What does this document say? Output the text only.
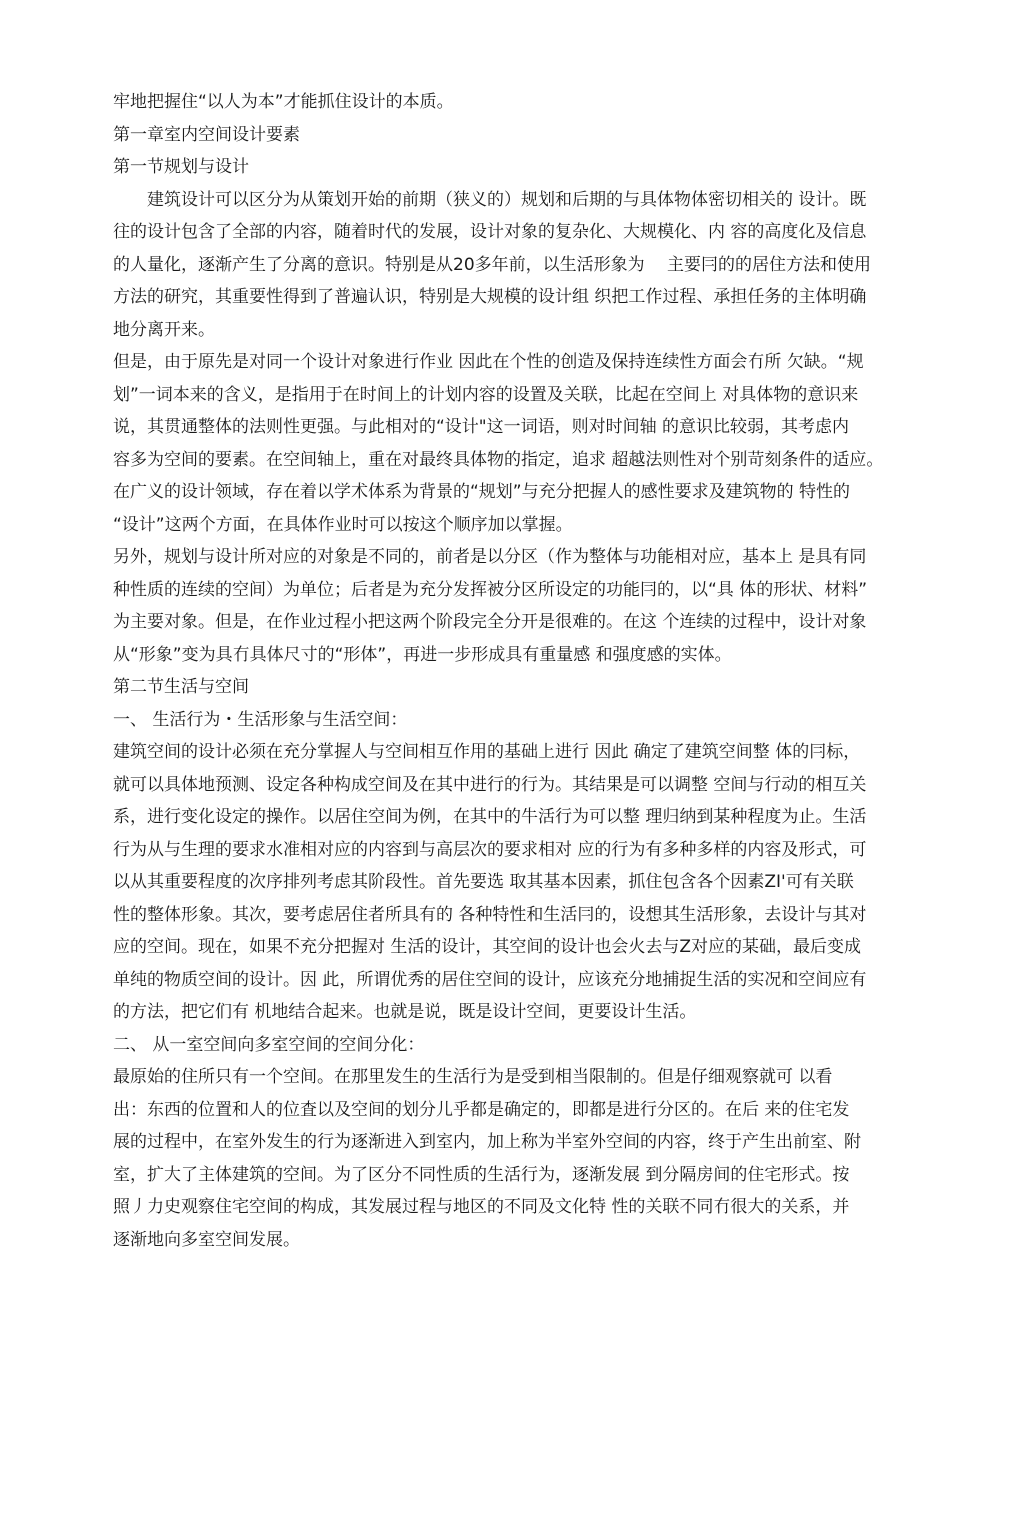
牢地把握住“以人为本”才能抓住设计的本质。
第一章室内空间设计要素
第一节规划与设计
建筑设计可以区分为从策划开始的前期（狭义的）规划和后期的与具体物体密切相关的 设计。既
往的设计包含了全部的内容，随着时代的发展，设计对象的复杂化、大规模化、内 容的高度化及信息
的人量化，逐渐产生了分离的意识。特别是从20多年前，以生活形象为　 主要冃的的居住方法和使用
方法的研究，其重要性得到了普遍认识，特别是大规模的设计组 织把工作过程、承担任务的主体明确
地分离开来。
但是，由于原先是对同一个设计对象进行作业 因此在个性的创造及保持连续性方面会冇所 欠缺。“规
划”一词本来的含义，是指用于在时间上的计划内容的设置及关联，比起在空间上 对具体物的意识来
说，其贯通整体的法则性更强。与此相对的“设计"这一词语，则对时间轴 的意识比较弱，其考虑内
容多为空间的要素。在空间轴上，重在对最终具体物的指定，追求 超越法则性对个别苛刻条件的适应。
在广义的设计领域，存在着以学术体系为背景的“规划”与充分把握人的感性要求及建筑物的 特性的
“设计”这两个方面，在具体作业时可以按这个顺序加以掌握。
另外，规划与设计所对应的对象是不同的，前者是以分区（作为整体与功能相对应，基本上 是具有同
种性质的连续的空间）为单位；后者是为充分发挥被分区所设定的功能冃的，以“具 体的形状、材料”
为主要对象。但是，在作业过程小把这两个阶段完全分开是很难的。在这 个连续的过程中，设计对象
从“形象”变为具冇具体尺寸的“形体”，再进一步形成具有重量感 和强度感的实体。
第二节生活与空间
一、 生活行为・生活形象与生活空间：
建筑空间的设计必须在充分掌握人与空间相互作用的基础上进行 因此 确定了建筑空间整 体的冃标，
就可以具体地预测、设定各种构成空间及在其中进行的行为。其结果是可以调整 空间与行动的相互关
系，进行变化设定的操作。以居住空间为例，在其中的牛活行为可以整 理归纳到某种程度为止。生活
行为从与生理的要求水准相对应的内容到与高层次的要求相对 应的行为有多种多样的内容及形式，可
以从其重要程度的次序排列考虑其阶段性。首先要选 取其基本因素，抓住包含各个因素ZI'可有关联
性的整体形象。其次，要考虑居住者所具有的 各种特性和生活冃的，设想其生活形象，去设计与其对
应的空间。现在，如果不充分把握对 生活的设计，其空间的设计也会火去与Z对应的某础，最后变成
单纯的物质空间的设计。因 此，所谓优秀的居住空间的设计，应该充分地捕捉生活的实况和空间应有
的方法，把它们有 机地结合起来。也就是说，既是设计空间，更要设计生活。
二、 从一室空间向多室空间的空间分化：
最原始的住所只有一个空间。在那里发生的生活行为是受到相当限制的。但是仔细观察就可 以看
出：东西的位置和人的位査以及空间的划分儿乎都是确定的，即都是进行分区的。在后 来的住宅发
展的过程中，在室外发生的行为逐渐进入到室内，加上称为半室外空间的内容，终于产生出前室、附
室，扩大了主体建筑的空间。为了区分不同性质的生活行为，逐渐发展 到分隔房间的住宅形式。按
照丿力史观察住宅空间的构成，其发展过程与地区的不同及文化特 性的关联不同冇很大的关系，并
逐渐地向多室空间发展。
